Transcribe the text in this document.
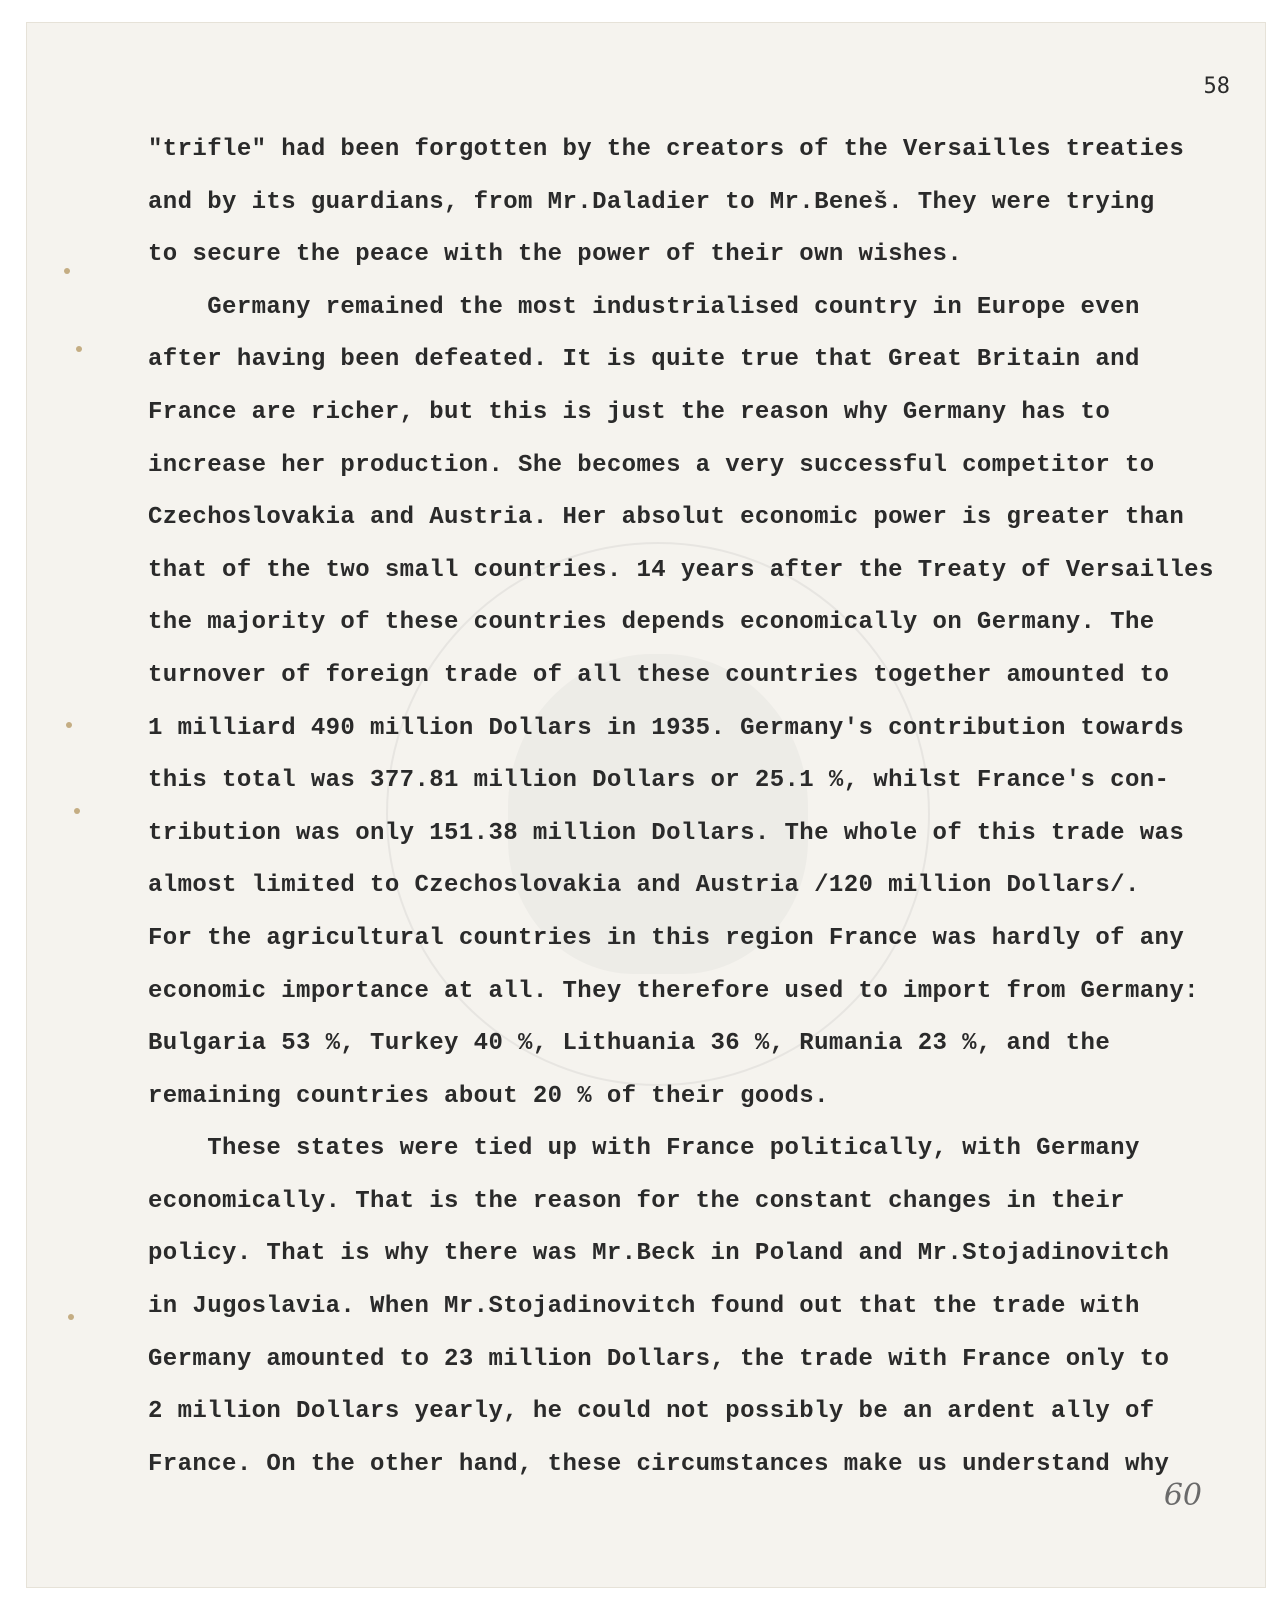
58
"trifle" had been forgotten by the creators of the Versailles treaties
and by its guardians, from Mr.Daladier to Mr.Beneš. They were trying
to secure the peace with the power of their own wishes.
Germany remained the most industrialised country in Europe even
after having been defeated. It is quite true that Great Britain and
France are richer, but this is just the reason why Germany has to
increase her production. She becomes a very successful competitor to
Czechoslovakia and Austria. Her absolut economic power is greater than
that of the two small countries. 14 years after the Treaty of Versailles
the majority of these countries depends economically on Germany. The
turnover of foreign trade of all these countries together amounted to
1 milliard 490 million Dollars in 1935. Germany's contribution towards
this total was 377.81 million Dollars or 25.1 %, whilst France's con-
tribution was only 151.38 million Dollars. The whole of this trade was
almost limited to Czechoslovakia and Austria /120 million Dollars/.
For the agricultural countries in this region France was hardly of any
economic importance at all. They therefore used to import from Germany:
Bulgaria 53 %, Turkey 40 %, Lithuania 36 %, Rumania 23 %, and the
remaining countries about 20 % of their goods.
These states were tied up with France politically, with Germany
economically. That is the reason for the constant changes in their
policy. That is why there was Mr.Beck in Poland and Mr.Stojadinovitch
in Jugoslavia. When Mr.Stojadinovitch found out that the trade with
Germany amounted to 23 million Dollars, the trade with France only to
2 million Dollars yearly, he could not possibly be an ardent ally of
France. On the other hand, these circumstances make us understand why
60
